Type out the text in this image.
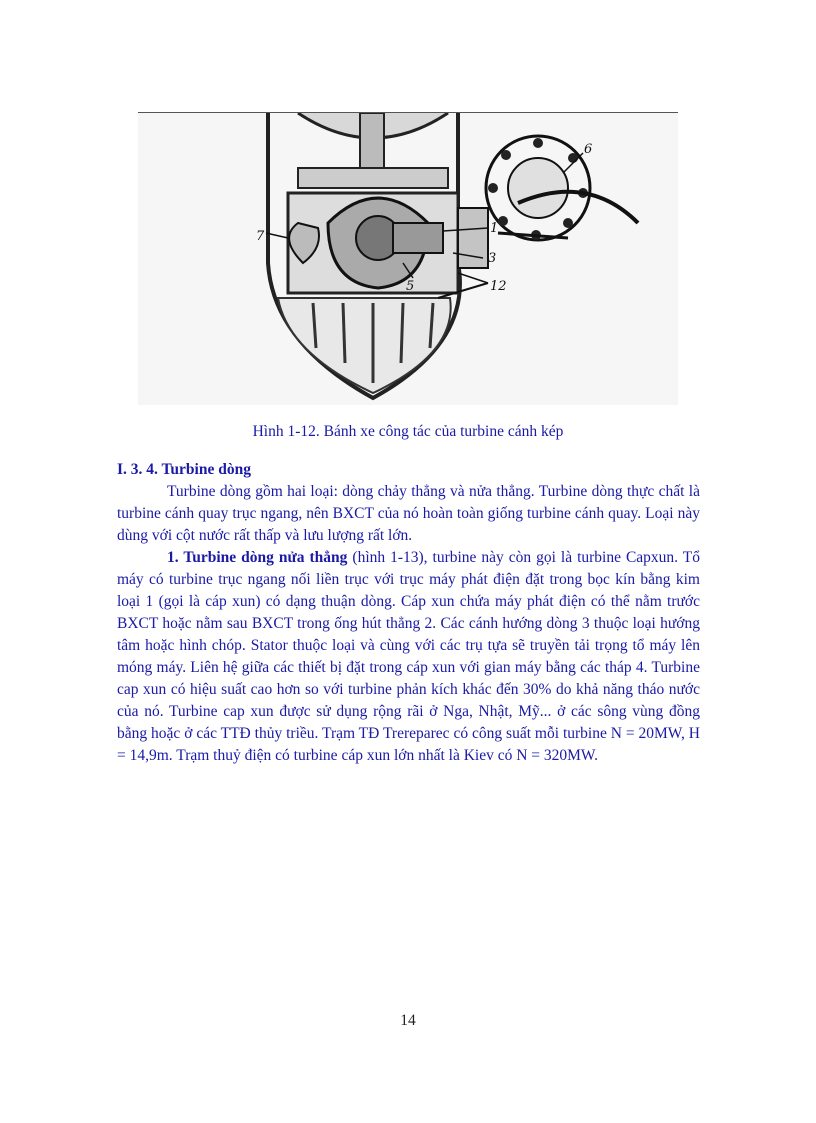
7
1
3
5	12
6
Hình 1-12. Bánh xe công tác của turbine cánh kép
I. 3. 4. Turbine dòng

Turbine dòng gồm hai loại: dòng chảy thẳng và nửa thẳng. Turbine dòng thực chất là turbine cánh quay trục ngang, nên BXCT của nó hoàn toàn giống turbine cánh quay. Loại này dùng với cột nước rất thấp và lưu lượng rất lớn.

1. Turbine dòng nửa thẳng (hình 1-13), turbine này còn gọi là turbine Capxun. Tổ máy có turbine trục ngang nối liền trục với trục máy phát điện đặt trong bọc kín bằng kim loại 1 (gọi là cáp xun) có dạng thuận dòng. Cáp xun chứa máy phát điện có thể nằm trước BXCT hoặc nằm sau BXCT trong ống hút thẳng 2. Các cánh hướng dòng 3 thuộc loại hướng tâm hoặc hình chóp. Stator thuộc loại và cùng với các trụ tựa sẽ truyền tải trọng tổ máy lên móng máy. Liên hệ giữa các thiết bị đặt trong cáp xun với gian máy bằng các tháp 4. Turbine cap xun có hiệu suất cao hơn so với turbine phản kích khác đến 30% do khả năng tháo nước của nó. Turbine cap xun được sử dụng rộng rãi ở Nga, Nhật, Mỹ... ở các sông vùng đồng bằng hoặc ở các TTĐ thủy triều. Trạm TĐ Trereparec có công suất mỗi turbine N = 20MW, H = 14,9m. Trạm thuỷ điện có turbine cáp xun lớn nhất là Kiev có N = 320MW.

14
